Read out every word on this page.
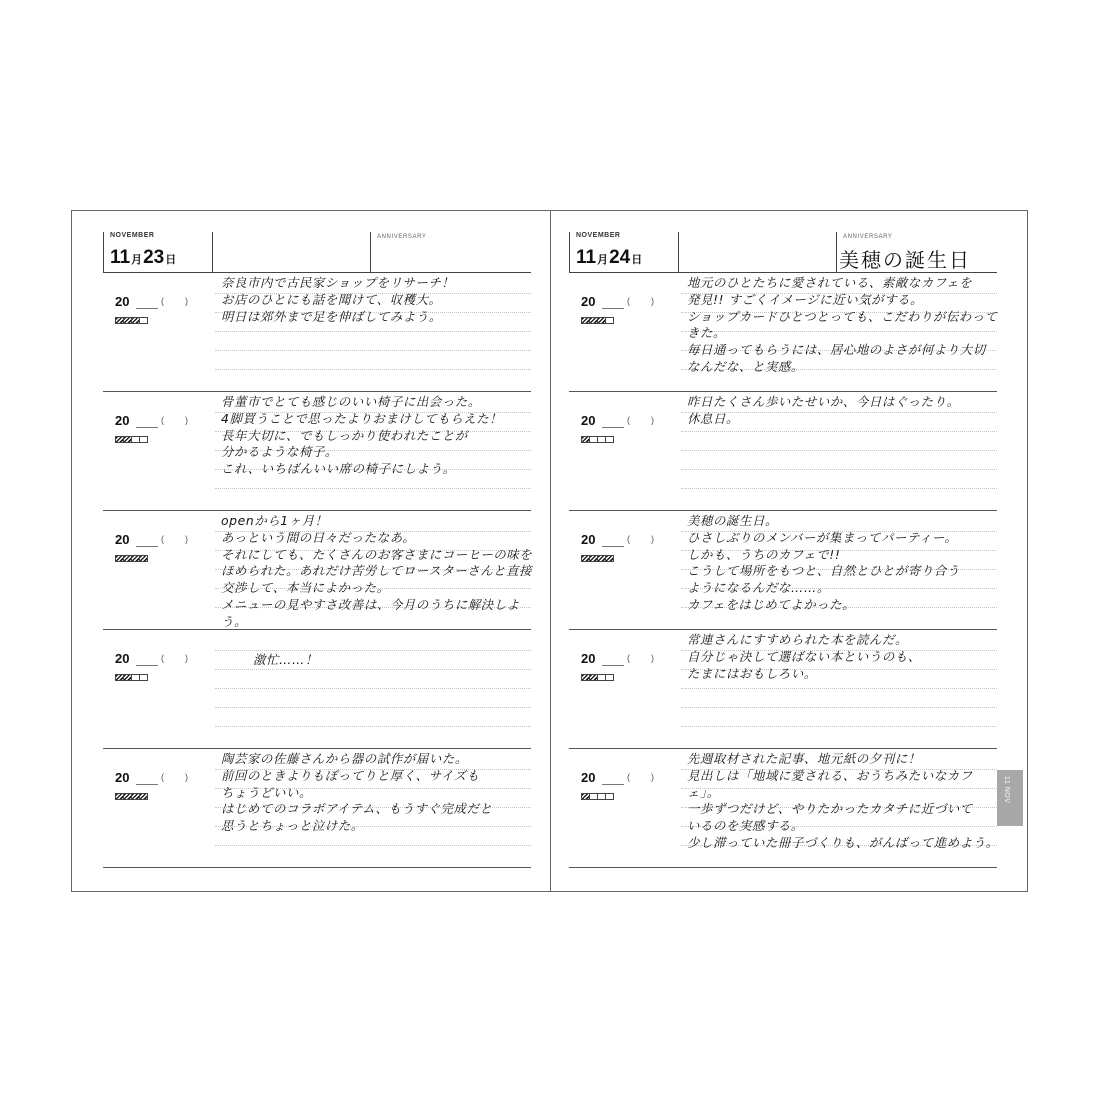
NOVEMBER
11月23日
ANNIVERSARY
20	( )
奈良市内で古民家ショップをリサーチ！
お店のひとにも話を聞けて、収穫大。
明日は郊外まで足を伸ばしてみよう。
20	( )
骨董市でとても感じのいい椅子に出会った。
4脚買うことで思ったよりおまけしてもらえた！
長年大切に、でもしっかり使われたことが
分かるような椅子。
これ、いちばんいい席の椅子にしよう。
20	( )
openから1ヶ月！
あっという間の日々だったなあ。
それにしても、たくさんのお客さまにコーヒーの味を
ほめられた。あれだけ苦労してロースターさんと直接
交渉して、本当によかった。
メニューの見やすさ改善は、今月のうちに解決しよう。
20	( )	激忙……！
20	( )
陶芸家の佐藤さんから器の試作が届いた。
前回のときよりもぽってりと厚く、サイズも
ちょうどいい。
はじめてのコラボアイテム、もうすぐ完成だと
思うとちょっと泣けた。
NOVEMBER
11月24日
ANNIVERSARY
美穂の誕生日
20	( )
地元のひとたちに愛されている、素敵なカフェを
発見!! すごくイメージに近い気がする。
ショップカードひとつとっても、こだわりが伝わってきた。
毎日通ってもらうには、居心地のよさが何より大切
なんだな、と実感。
20	( )
昨日たくさん歩いたせいか、今日はぐったり。
休息日。
20	( )
美穂の誕生日。
ひさしぶりのメンバーが集まってパーティー。
しかも、うちのカフェで!!
こうして場所をもつと、自然とひとが寄り合う
ようになるんだな……。
カフェをはじめてよかった。
20	( )
常連さんにすすめられた本を読んだ。
自分じゃ決して選ばない本というのも、
たまにはおもしろい。
20	( )
先週取材された記事、地元紙の夕刊に！
見出しは「地域に愛される、おうちみたいなカフェ」。
一歩ずつだけど、やりたかったカタチに近づいて
いるのを実感する。
少し滞っていた冊子づくりも、がんばって進めよう。
11 NOV
